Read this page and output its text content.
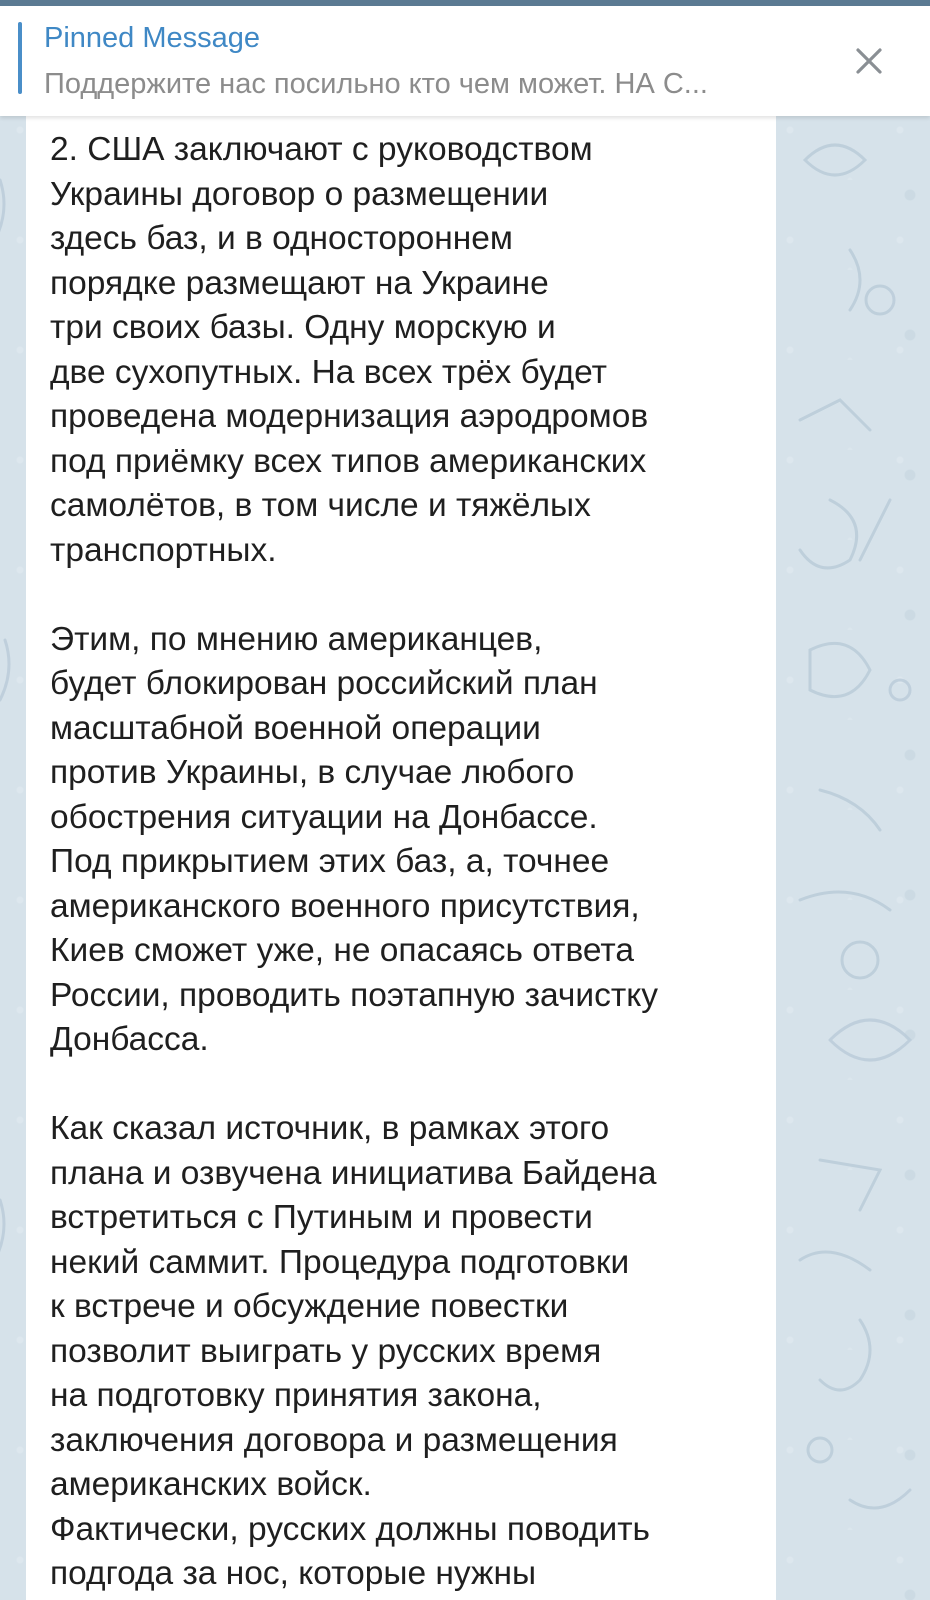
Pinned Message
Поддержите нас посильно кто чем может. НА С...

2. США заключают с руководством
Украины договор о размещении
здесь баз, и в одностороннем
порядке размещают на Украине
три своих базы. Одну морскую и
две сухопутных. На всех трёх будет
проведена модернизация аэродромов
под приёмку всех типов американских
самолётов, в том числе и тяжёлых
транспортных.

Этим, по мнению американцев,
будет блокирован российский план
масштабной военной операции
против Украины, в случае любого
обострения ситуации на Донбассе.
Под прикрытием этих баз, а, точнее
американского военного присутствия,
Киев сможет уже, не опасаясь ответа
России, проводить поэтапную зачистку
Донбасса.

Как сказал источник, в рамках этого
плана и озвучена инициатива Байдена
встретиться с Путиным и провести
некий саммит. Процедура подготовки
к встрече и обсуждение повестки
позволит выиграть у русских время
на подготовку принятия закона,
заключения договора и размещения
американских войск.
Фактически, русских должны поводить
подгода за нос, которые нужны
